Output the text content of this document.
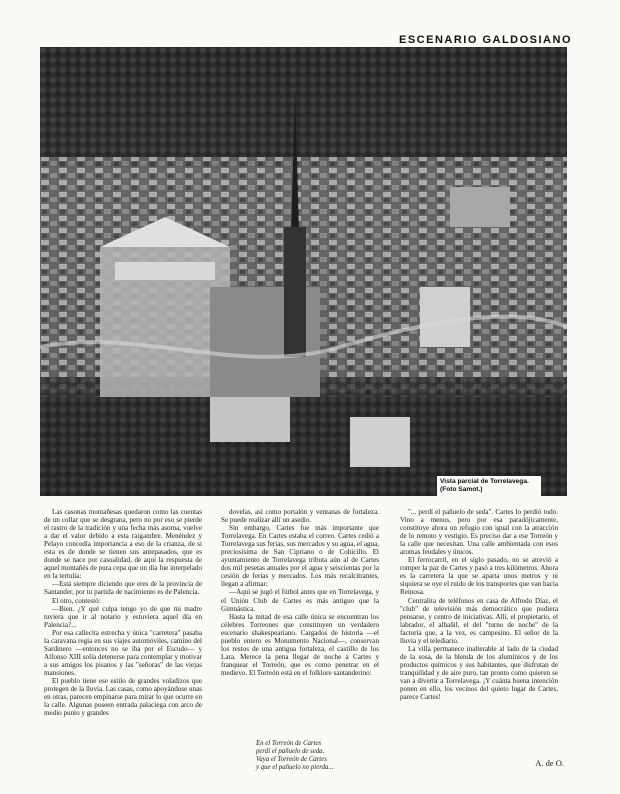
ESCENARIO GALDOSIANO
Vista parcial de Torrelavega. (Foto Samot.)

Las casonas montañesas quedaron como las cuentas de un collar que se desgrana, pero no por eso se pierde el rastro de la tradición y una fecha más asoma, vuelve a dar el valor debido a esta raigambre. Menéndez y Pelayo concedía importancia a eso de la crianza, de si esta es de donde se tienen sus antepasados, que es donde se nace por casualidad, de aquí la respuesta de aquel montañés de pura cepa que un día fue interpelado en la tertulia:

—Está siempre diciendo que eres de la provincia de Santander, por tu partida de nacimiento es de Palencia.

El otro, contestó:

—Bien. ¿Y qué culpa tengo yo de que mi madre tuviera que ir al notario y estuviera aquel día en Palencia?...

Por esa callecita estrecha y única "carretera" pasaba la caravana regia en sus viajes automóviles, camino del Sardinero —entonces no se iba por el Escudo— y Alfonso XIII solía detenerse para contemplar y motivar a sus amigos los pisanos y las "señoras" de las viejas mansiones.

El pueblo tiene ese estilo de grandes voladizos que protegen de la lluvia. Las casas, como apoyándose unas en otras, parecen empinarse para mirar lo que ocurre en la calle. Algunas poseen entrada palaciega con arco de medio punto y grandes

dovelas, así como portalón y ventanas de fortaleza. Se puede realizar allí un asedio.

Sin embargo, Cartes fue más importante que Torrelavega. En Cartes estaba el correo. Cartes cedió a Torrelavega sus ferias, sus mercados y su agua, el agua, preciosísima de San Cipriano o de Cohicillo. El ayuntamiento de Torrelavega tributa aún al de Cartes dos mil pesetas anuales por el agua y seiscientas por la cesión de ferias y mercados. Los más recalcitrantes, llegan a afirmar:

—Aquí se jugó el fútbol antes que en Torrelavega, y el Unión Club de Cartes es más antiguo que la Gimnástica.

Hasta la mitad de esa calle única se encuentran los célebres Torreones que constituyen un verdadero escenario shakespeariano. Cargados de historia —el pueblo entero es Monumento Nacional—, conservan los restos de una antigua fortaleza, el castillo de los Lara. Merece la pena llegar de noche a Cartes y franquear el Torreón, que es como penetrar en el medievo. El Torreón está en el folklore santanderino:

En el Torreón de Cartes
perdí el pañuelo de seda.
Vaya el Torreón de Cartes
y que el pañuelo no pierda...

"... perdí el pañuelo de seda". Cartes lo perdió todo. Vino a menos, pero por esa paradójicamente, constituye ahora un refugio con igual con la atracción de lo remoto y vestigio. Es preciso dar a ese Torreón y la calle que necesitan. Una calle ambientada con esos aromas feudales y únicos.

El ferrocarril, en el siglo pasado, no se atrevió a romper la paz de Cartes y pasó a tres kilómetros. Ahora es la carretera la que se aparta unos metros y ni siquiera se oye el ruido de los transportes que van hacia Reinosa.

Centralita de teléfonos en casa de Alfredo Díaz, el "club" de televisión más democrático que pudiera pensarse, y centro de iniciativas. Allí, el propietario, el labrador, el albañil, el del "turno de noche" de la factoría que, a la vez, es campesino. El señor de la lluvia y el telediario.

La villa permanece inalterable al lado de la ciudad de la sosa, de la blenda de los alumínicos y de los productos químicos y sus habitantes, que disfrutan de tranquilidad y de aire puro, tan pronto como quieren se van a divertir a Torrelavega. ¡Y cuánta buena intención ponen en ello, los vecinos del quieto lugar de Cartes, parece Cartes!

A. de O.
